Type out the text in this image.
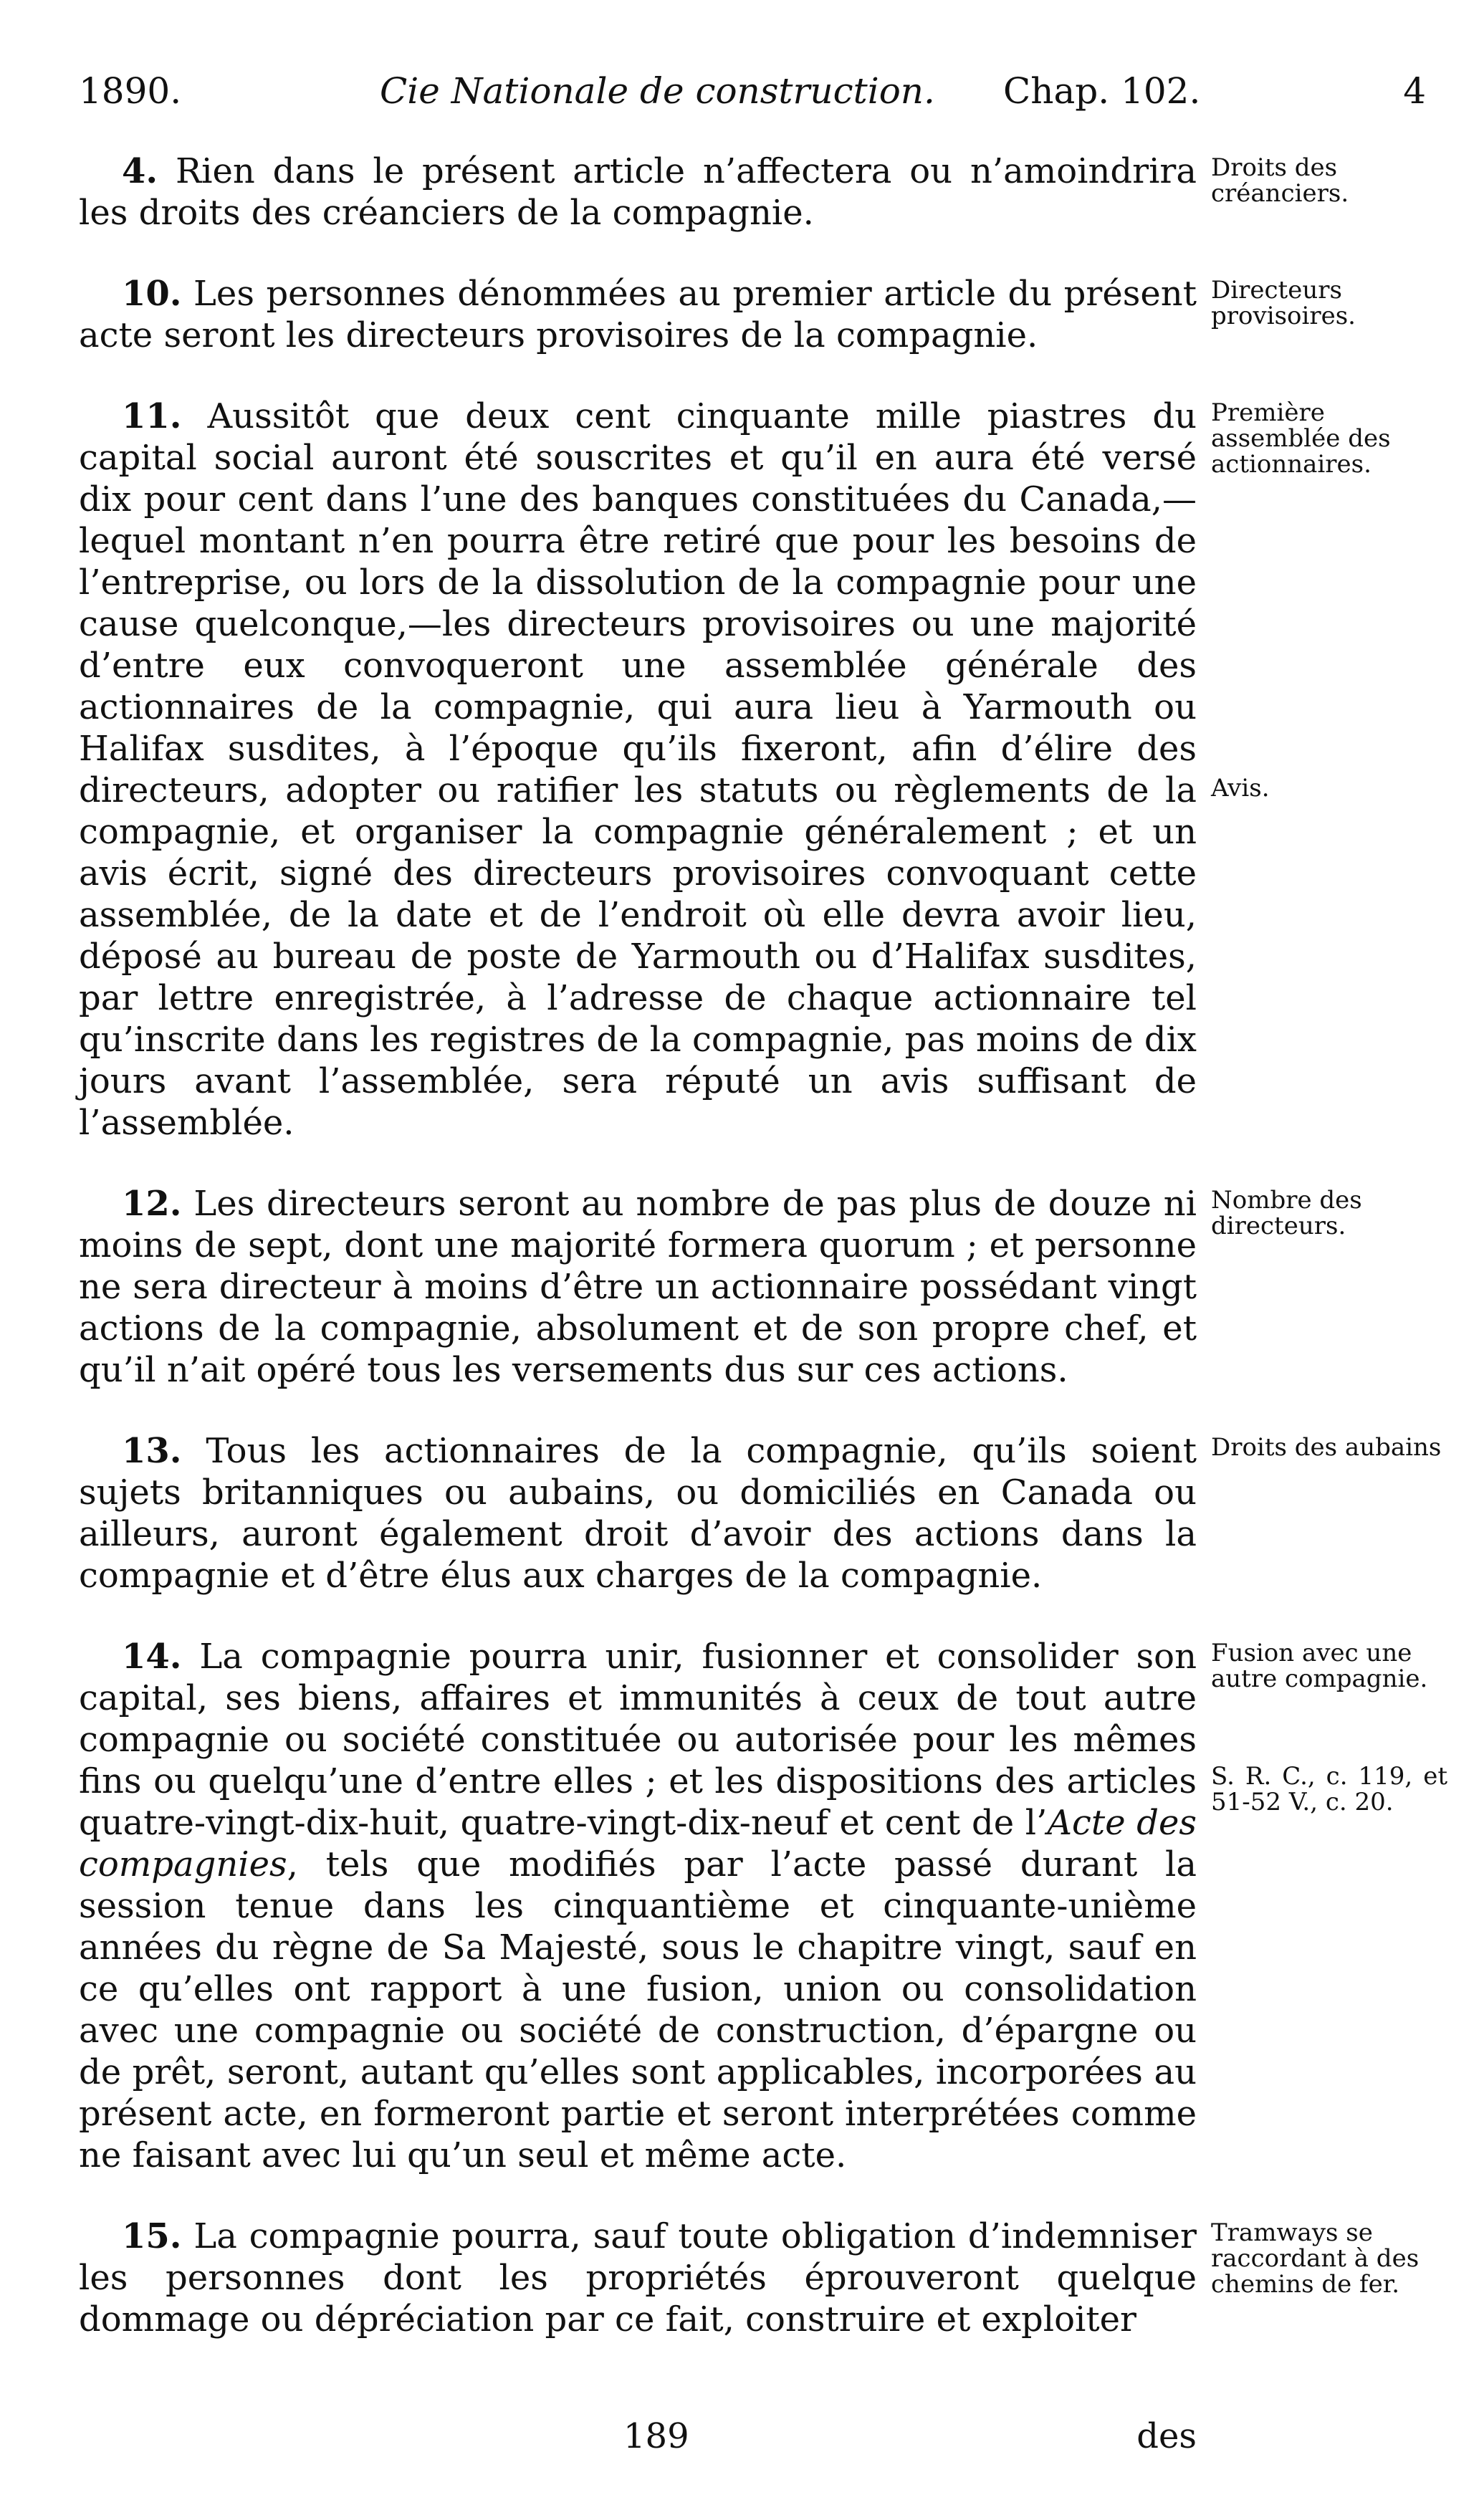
1890.	Cie Nationale de construction. Chap. 102.	4

4. Rien dans le présent article n’affectera ou n’amoindrira les droits des créanciers de la compagnie.

Droits des créanciers.

10. Les personnes dénommées au premier article du présent acte seront les directeurs provisoires de la compagnie.

Directeurs provisoires.

11. Aussitôt que deux cent cinquante mille piastres du capital social auront été souscrites et qu’il en aura été versé dix pour cent dans l’une des banques constituées du Canada,—lequel montant n’en pourra être retiré que pour les besoins de l’entreprise, ou lors de la dissolution de la compagnie pour une cause quelconque,—les directeurs provisoires ou une majorité d’entre eux convoqueront une assemblée générale des actionnaires de la compagnie, qui aura lieu à Yarmouth ou Halifax susdites, à l’époque qu’ils fixeront, afin d’élire des directeurs, adopter ou ratifier les statuts ou règlements de la compagnie, et organiser la compagnie généralement ; et un avis écrit, signé des directeurs provisoires convoquant cette assemblée, de la date et de l’endroit où elle devra avoir lieu, déposé au bureau de poste de Yarmouth ou d’Halifax susdites, par lettre enregistrée, à l’adresse de chaque actionnaire tel qu’inscrite dans les registres de la compagnie, pas moins de dix jours avant l’assemblée, sera réputé un avis suffisant de l’assemblée.

Première assemblée des actionnaires.
Avis.

12. Les directeurs seront au nombre de pas plus de douze ni moins de sept, dont une majorité formera quorum ; et personne ne sera directeur à moins d’être un actionnaire possédant vingt actions de la compagnie, absolument et de son propre chef, et qu’il n’ait opéré tous les versements dus sur ces actions.

Nombre des directeurs.

13. Tous les actionnaires de la compagnie, qu’ils soient sujets britanniques ou aubains, ou domiciliés en Canada ou ailleurs, auront également droit d’avoir des actions dans la compagnie et d’être élus aux charges de la compagnie.

Droits des aubains

14. La compagnie pourra unir, fusionner et consolider son capital, ses biens, affaires et immunités à ceux de tout autre compagnie ou société constituée ou autorisée pour les mêmes fins ou quelqu’une d’entre elles ; et les dispositions des articles quatre-vingt-dix-huit, quatre-vingt-dix-neuf et cent de l’Acte des compagnies, tels que modifiés par l’acte passé durant la session tenue dans les cinquantième et cinquante-unième années du règne de Sa Majesté, sous le chapitre vingt, sauf en ce qu’elles ont rapport à une fusion, union ou consolidation avec une compagnie ou société de construction, d’épargne ou de prêt, seront, autant qu’elles sont applicables, incorporées au présent acte, en formeront partie et seront interprétées comme ne faisant avec lui qu’un seul et même acte.

Fusion avec une autre compagnie.
S. R. C., c. 119, et 51-52 V., c. 20.

15. La compagnie pourra, sauf toute obligation d’indemniser les personnes dont les propriétés éprouveront quelque dommage ou dépréciation par ce fait, construire et exploiter

Tramways se raccordant à des chemins de fer.
189	des
